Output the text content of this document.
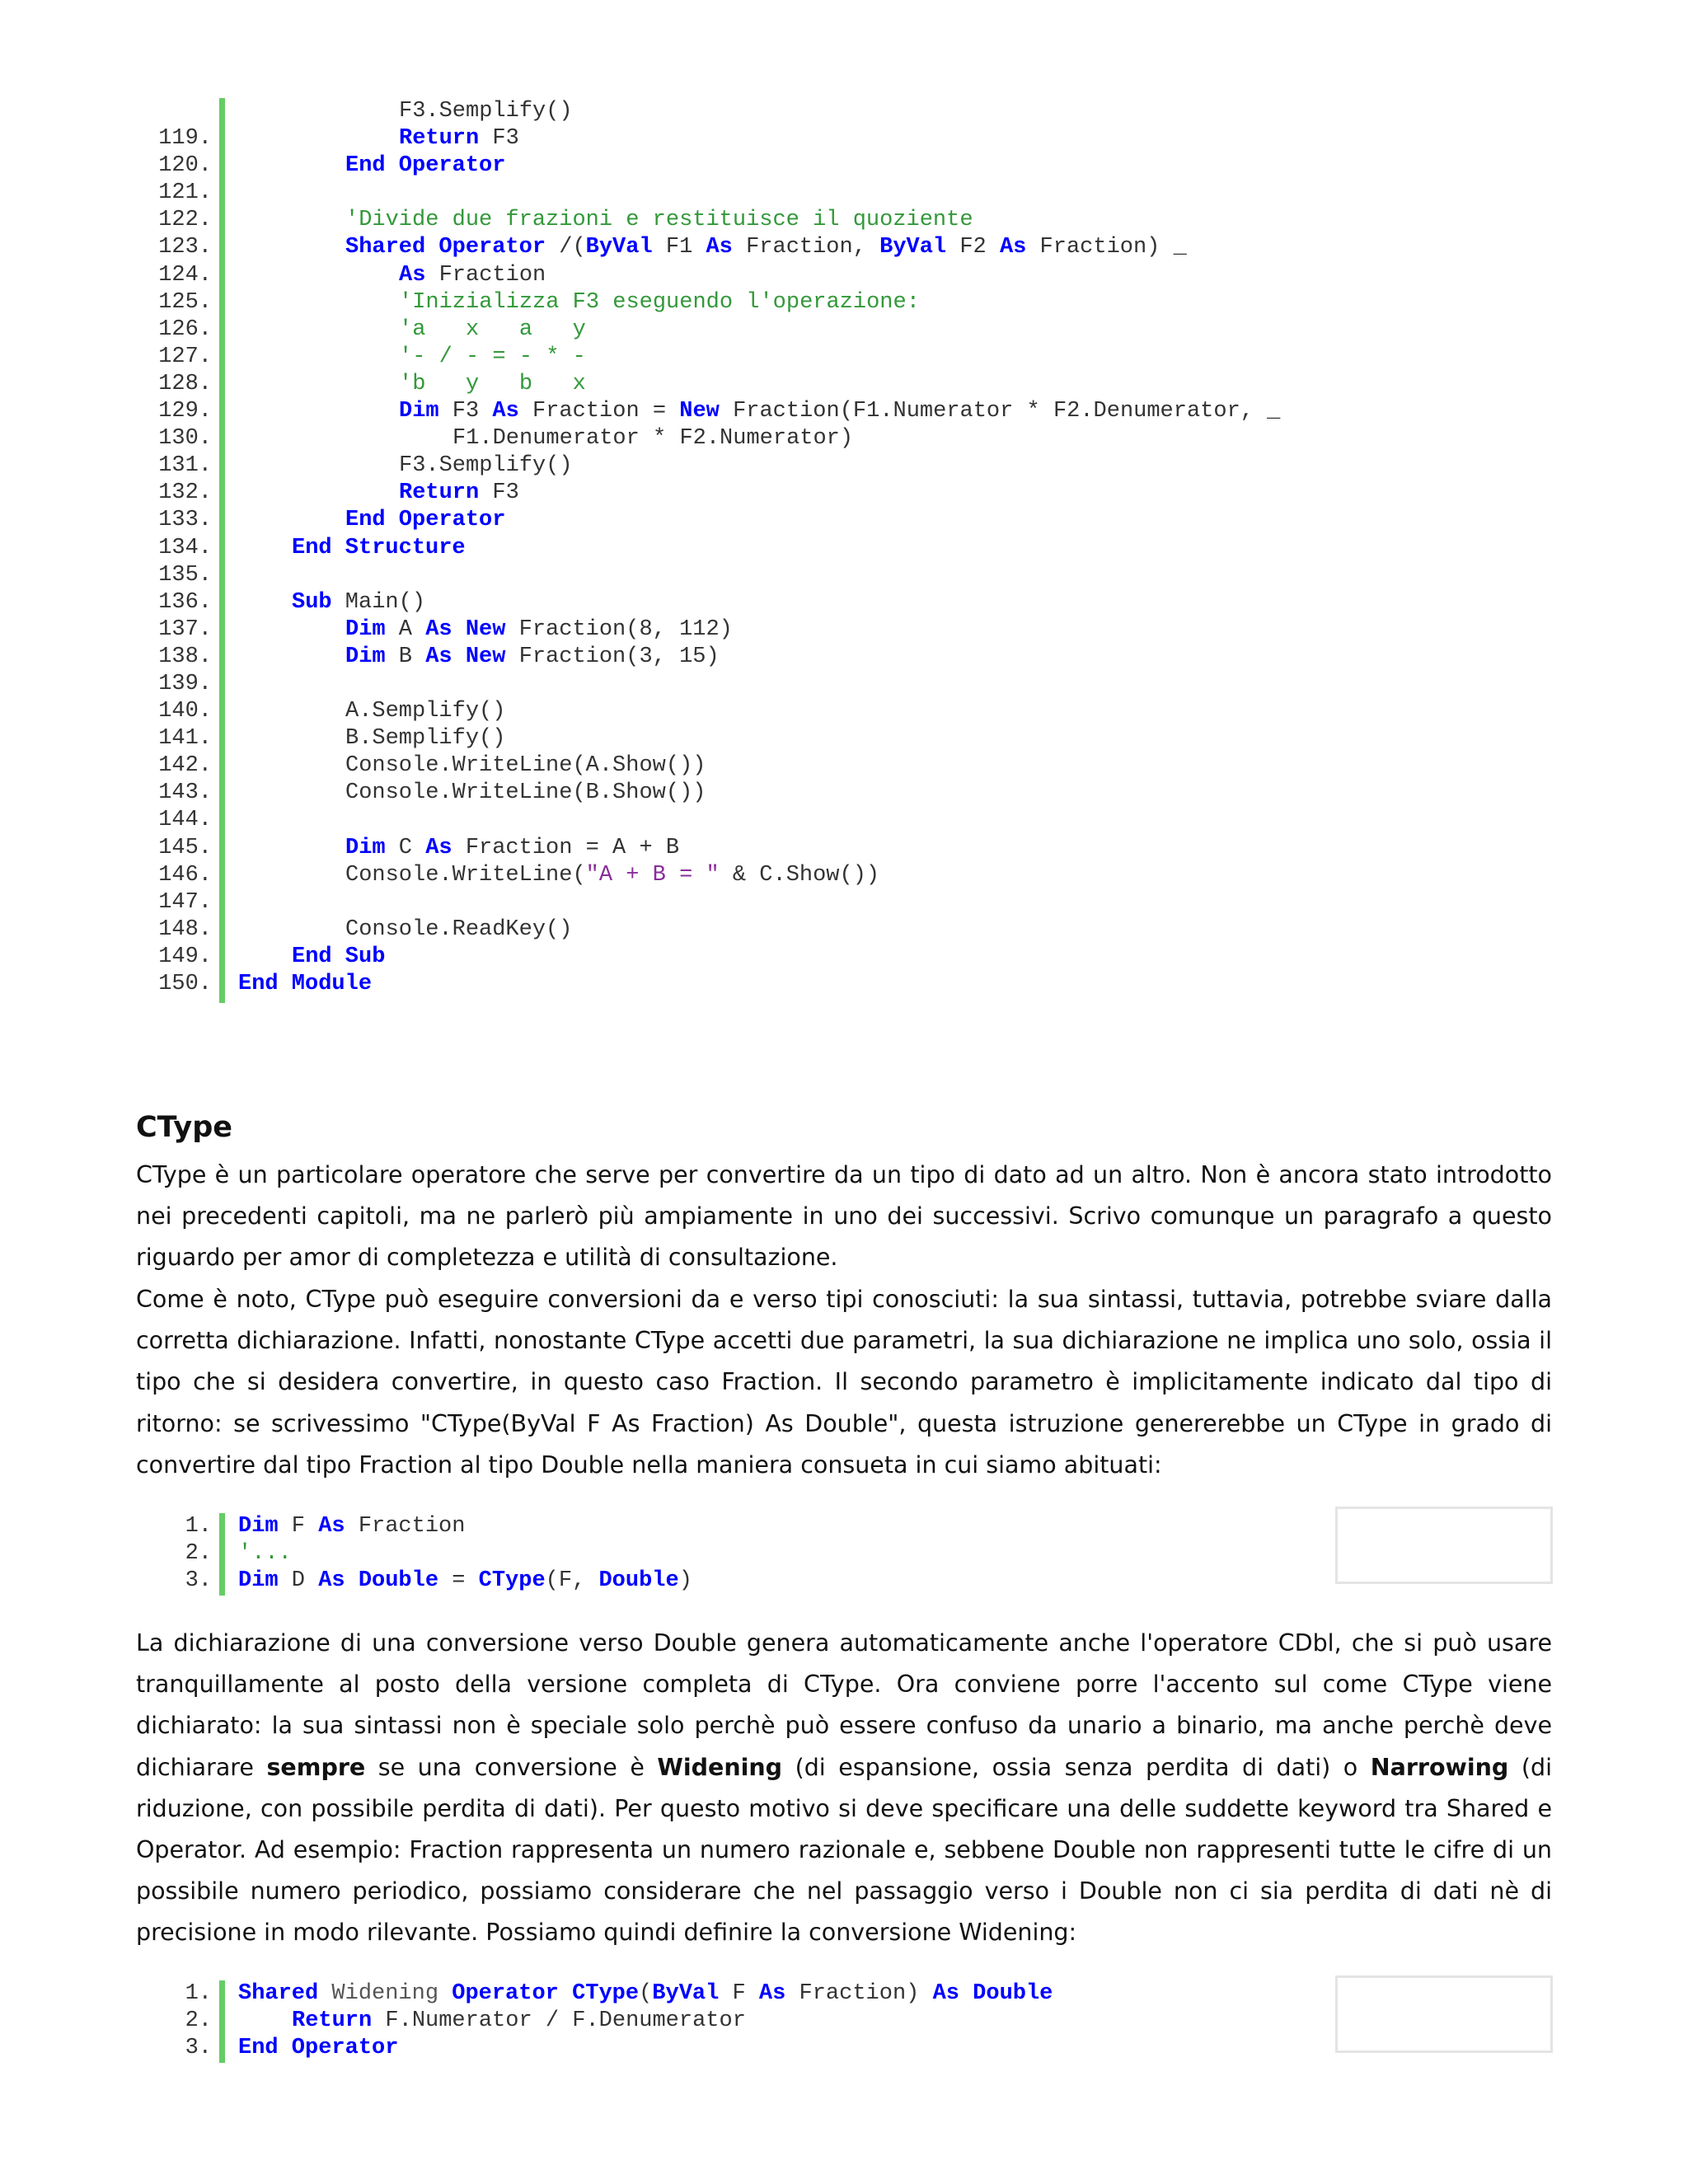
F3.Semplify()
119.	Return F3
120.	End Operator
121.
122.	'Divide due frazioni e restituisce il quoziente
123.	Shared Operator /(ByVal F1 As Fraction, ByVal F2 As Fraction) _
124.	As Fraction
125.	'Inizializza F3 eseguendo l'operazione:
126.	'a   x   a   y
127.	'- / - = - * -
128.	'b   y   b   x
129.	Dim F3 As Fraction = New Fraction(F1.Numerator * F2.Denumerator, _
130.	F1.Denumerator * F2.Numerator)
131.	F3.Semplify()
132.	Return F3
133.	End Operator
134.	End Structure
135.
136.	Sub Main()
137.	Dim A As New Fraction(8, 112)
138.	Dim B As New Fraction(3, 15)
139.
140.	A.Semplify()
141.	B.Semplify()
142.	Console.WriteLine(A.Show())
143.	Console.WriteLine(B.Show())
144.
145.	Dim C As Fraction = A + B
146.	Console.WriteLine("A + B = " & C.Show())
147.
148.	Console.ReadKey()
149.	End Sub
150. End Module
CType

CType è un particolare operatore che serve per convertire da un tipo di dato ad un altro. Non è ancora stato introdotto nei precedenti capitoli, ma ne parlerò più ampiamente in uno dei successivi. Scrivo comunque un paragrafo a questo riguardo per amor di completezza e utilità di consultazione.

Come è noto, CType può eseguire conversioni da e verso tipi conosciuti: la sua sintassi, tuttavia, potrebbe sviare dalla corretta dichiarazione. Infatti, nonostante CType accetti due parametri, la sua dichiarazione ne implica uno solo, ossia il tipo che si desidera convertire, in questo caso Fraction. Il secondo parametro è implicitamente indicato dal tipo di ritorno: se scrivessimo "CType(ByVal F As Fraction) As Double", questa istruzione genererebbe un CType in grado di convertire dal tipo Fraction al tipo Double nella maniera consueta in cui siamo abituati:

1. Dim F As Fraction
2. '...
3. Dim D As Double = CType(F, Double)

La dichiarazione di una conversione verso Double genera automaticamente anche l'operatore CDbl, che si può usare tranquillamente al posto della versione completa di CType. Ora conviene porre l'accento sul come CType viene dichiarato: la sua sintassi non è speciale solo perchè può essere confuso da unario a binario, ma anche perchè deve dichiarare sempre se una conversione è Widening (di espansione, ossia senza perdita di dati) o Narrowing (di riduzione, con possibile perdita di dati). Per questo motivo si deve specificare una delle suddette keyword tra Shared e Operator. Ad esempio: Fraction rappresenta un numero razionale e, sebbene Double non rappresenti tutte le cifre di un possibile numero periodico, possiamo considerare che nel passaggio verso i Double non ci sia perdita di dati nè di precisione in modo rilevante. Possiamo quindi definire la conversione Widening:

1. Shared Widening Operator CType(ByVal F As Fraction) As Double
2.	Return F.Numerator / F.Denumerator
3. End Operator
